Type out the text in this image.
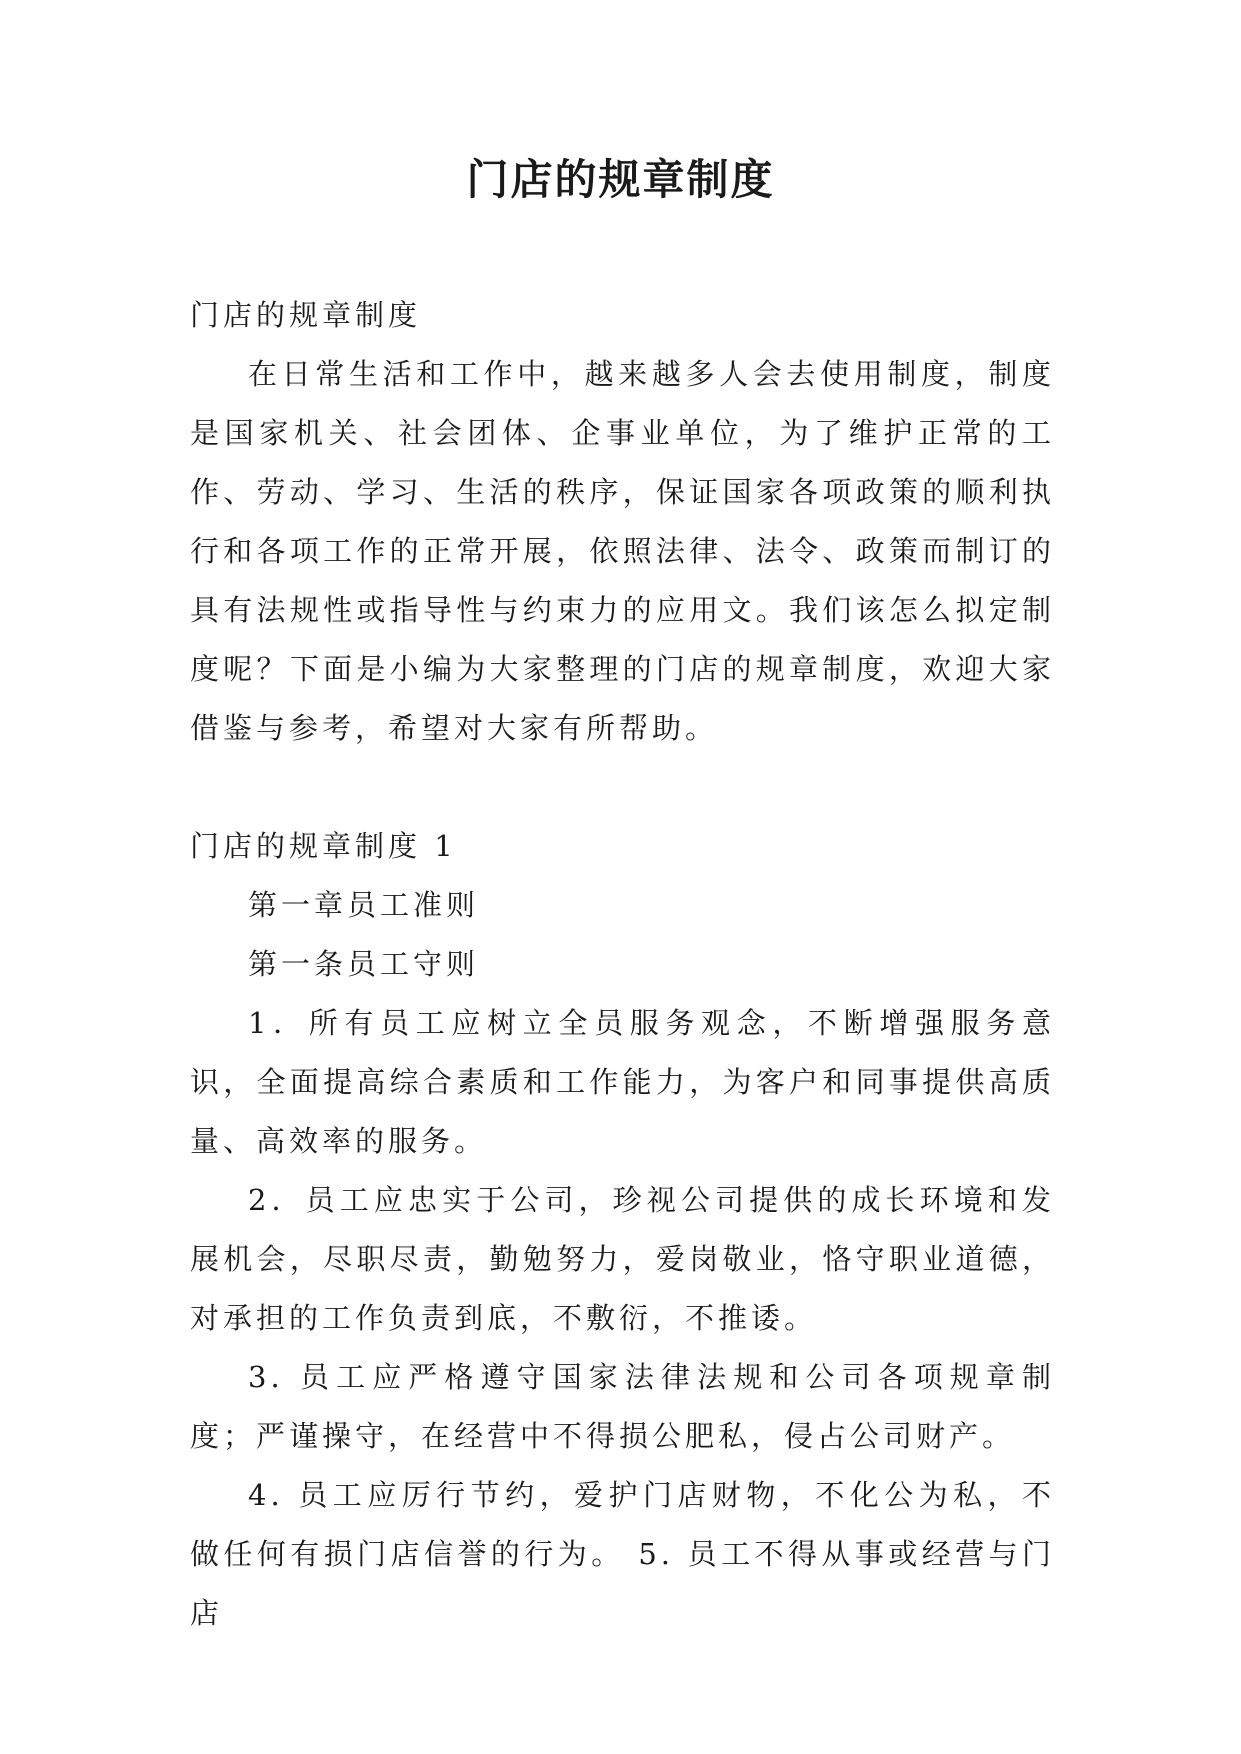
门店的规章制度

门店的规章制度

在日常生活和工作中，越来越多人会去使用制度，制度是国家机关、社会团体、企事业单位，为了维护正常的工作、劳动、学习、生活的秩序，保证国家各项政策的顺利执行和各项工作的正常开展，依照法律、法令、政策而制订的具有法规性或指导性与约束力的应用文。我们该怎么拟定制度呢？下面是小编为大家整理的门店的规章制度，欢迎大家借鉴与参考，希望对大家有所帮助。

门店的规章制度 1

第一章员工准则

第一条员工守则

1．所有员工应树立全员服务观念，不断增强服务意识，全面提高综合素质和工作能力，为客户和同事提供高质量、高效率的服务。

2．员工应忠实于公司，珍视公司提供的成长环境和发展机会，尽职尽责，勤勉努力，爱岗敬业，恪守职业道德，对承担的工作负责到底，不敷衍，不推诿。

3. 员工应严格遵守国家法律法规和公司各项规章制度；严谨操守，在经营中不得损公肥私，侵占公司财产。

4. 员工应厉行节约，爱护门店财物，不化公为私，不做任何有损门店信誉的行为。 5. 员工不得从事或经营与门店
